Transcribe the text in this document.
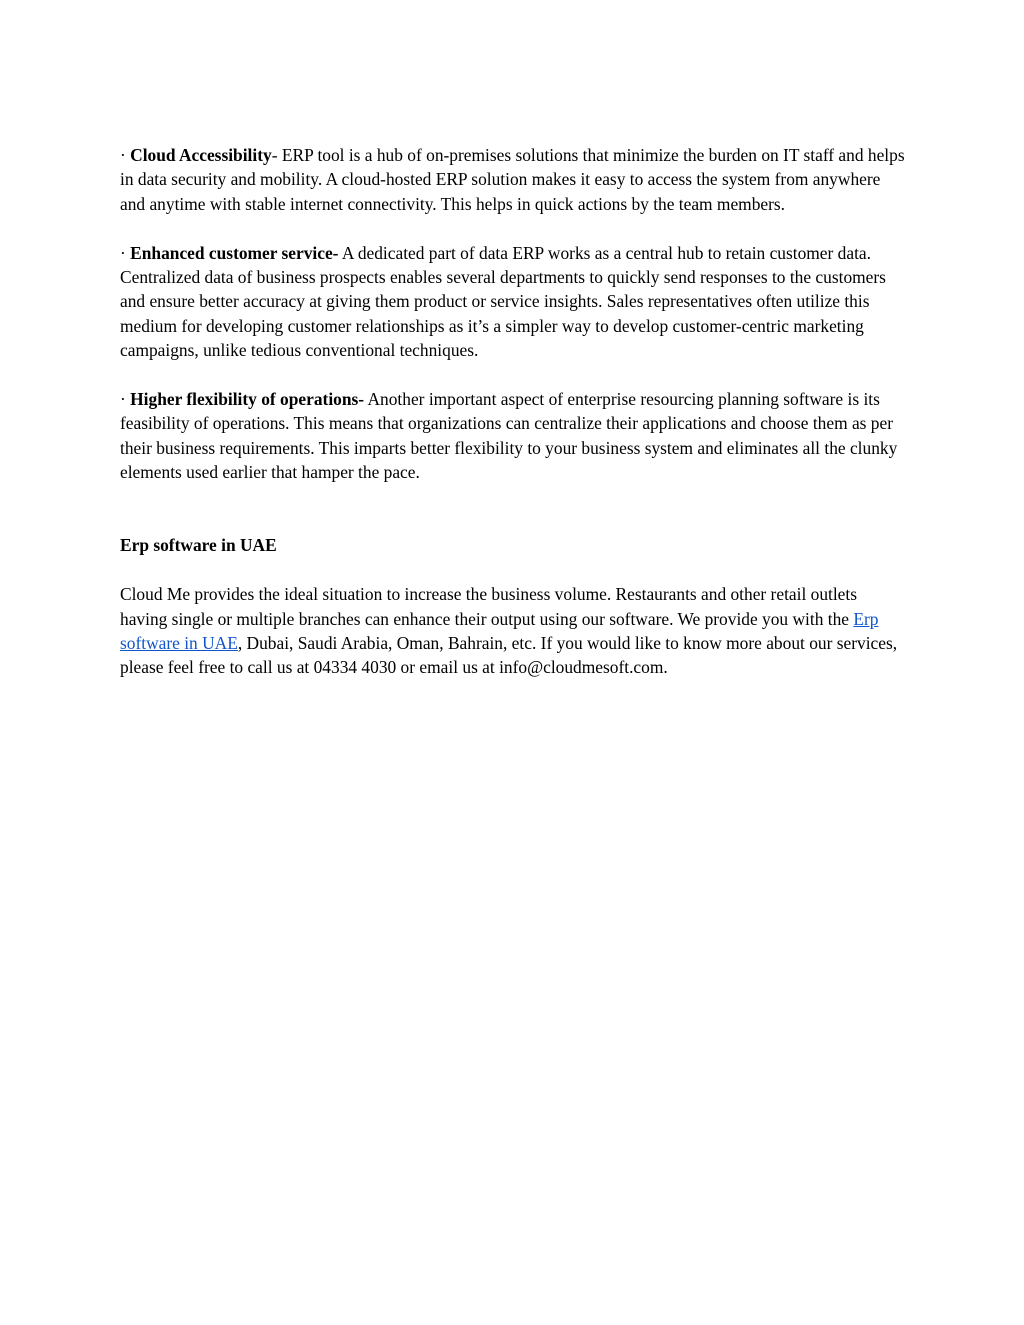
· Cloud Accessibility- ERP tool is a hub of on-premises solutions that minimize the burden on IT staff and helps in data security and mobility. A cloud-hosted ERP solution makes it easy to access the system from anywhere and anytime with stable internet connectivity. This helps in quick actions by the team members.

· Enhanced customer service- A dedicated part of data ERP works as a central hub to retain customer data. Centralized data of business prospects enables several departments to quickly send responses to the customers and ensure better accuracy at giving them product or service insights. Sales representatives often utilize this medium for developing customer relationships as it’s a simpler way to develop customer-centric marketing campaigns, unlike tedious conventional techniques.

· Higher flexibility of operations- Another important aspect of enterprise resourcing planning software is its feasibility of operations. This means that organizations can centralize their applications and choose them as per their business requirements. This imparts better flexibility to your business system and eliminates all the clunky elements used earlier that hamper the pace.

Erp software in UAE

Cloud Me provides the ideal situation to increase the business volume. Restaurants and other retail outlets having single or multiple branches can enhance their output using our software. We provide you with the Erp software in UAE, Dubai, Saudi Arabia, Oman, Bahrain, etc. If you would like to know more about our services, please feel free to call us at 04334 4030 or email us at info@cloudmesoft.com.
